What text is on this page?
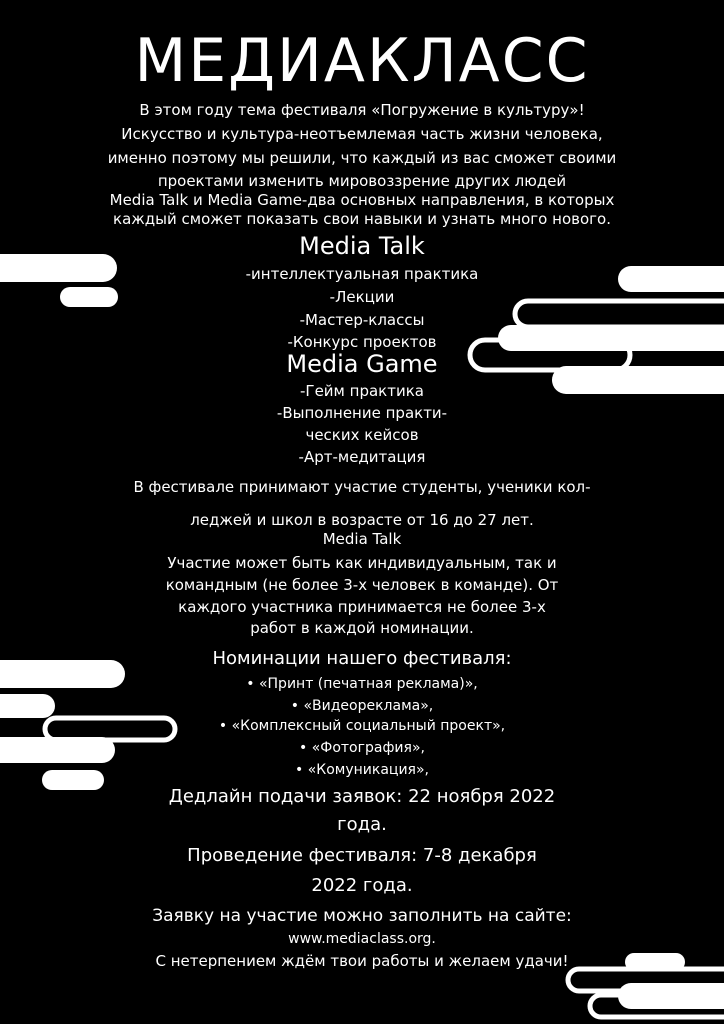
МЕДИАКЛАСС
В этом году тема фестиваля «Погружение в культуру»!
Искусство и культура-неотъемлемая часть жизни человека,
именно поэтому мы решили, что каждый из вас сможет своими
проектами изменить мировоззрение других людей
Media Talk и Media Game-два основных направления, в которых
каждый сможет показать свои навыки и узнать много нового.
Media Talk
-интеллектуальная практика
-Лекции
-Мастер-классы
-Конкурс проектов
Media Game
-Гейм практика
-Выполнение практи-
ческих кейсов
-Арт-медитация
В фестивале принимают участие студенты, ученики кол-
леджей и школ в возрасте от 16 до 27 лет.
Media Talk
Участие может быть как индивидуальным, так и
командным (не более 3-х человек в команде). От
каждого участника принимается не более 3-х
работ в каждой номинации.
Номинации нашего фестиваля:
• «Принт (печатная реклама)»,
• «Видеореклама»,
• «Комплексный социальный проект»,
• «Фотография»,
• «Комуникация»,
Дедлайн подачи заявок: 22 ноября 2022
года.
Проведение фестиваля: 7-8 декабря
2022 года.
Заявку на участие можно заполнить на сайте:
www.mediaclass.org.
С нетерпением ждём твои работы и желаем удачи!
